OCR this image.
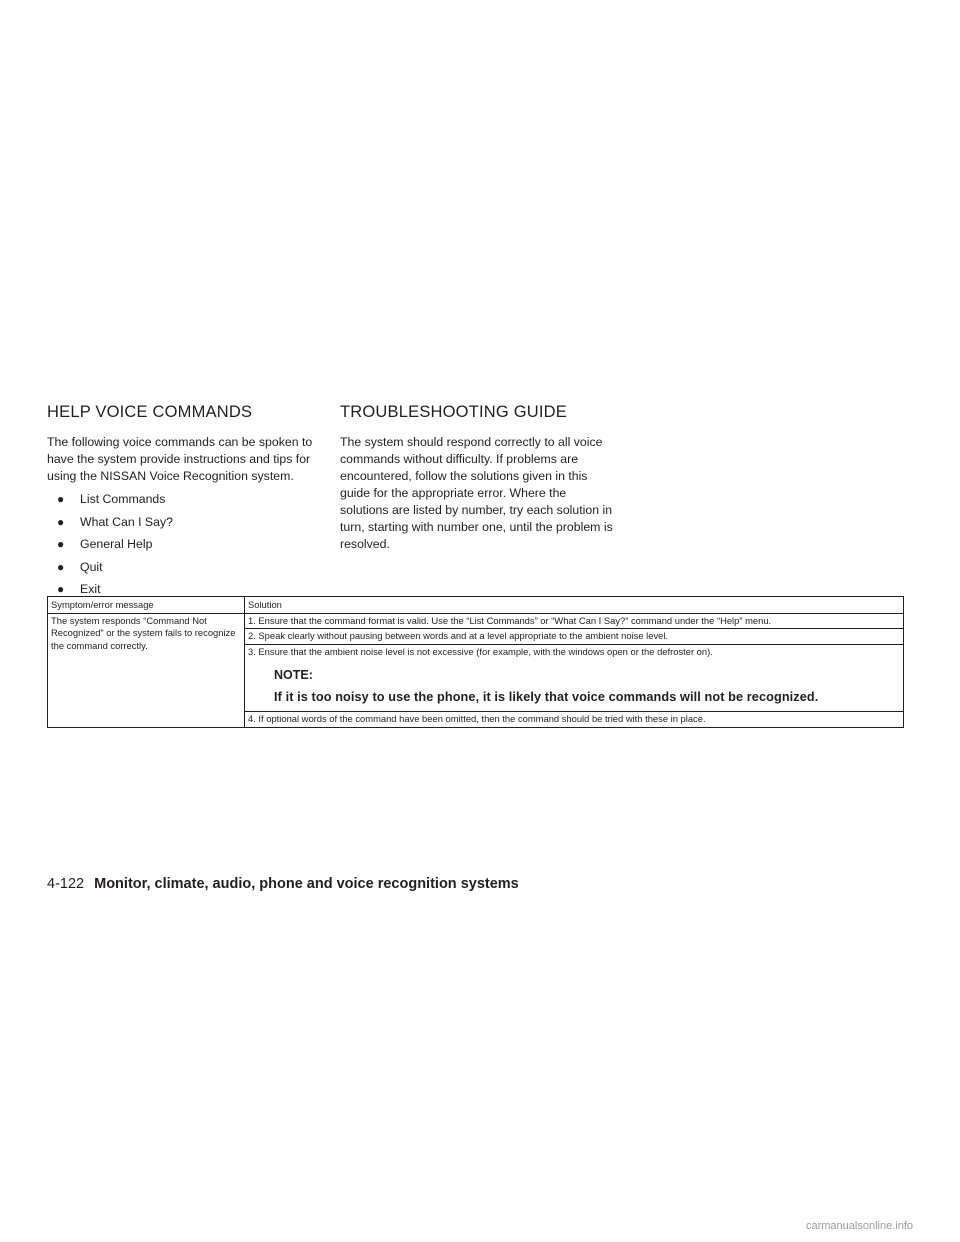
HELP VOICE COMMANDS

The following voice commands can be spoken to have the system provide instructions and tips for using the NISSAN Voice Recognition system.

●	List Commands
●	What Can I Say?
●	General Help
●	Quit
●	Exit
TROUBLESHOOTING GUIDE

The system should respond correctly to all voice commands without difficulty. If problems are encountered, follow the solutions given in this guide for the appropriate error. Where the solutions are listed by number, try each solution in turn, starting with number one, until the problem is resolved.

Symptom/error message	Solution
The system responds “Command Not Recognized” or the system fails to recognize the command correctly.	1. Ensure that the command format is valid. Use the “List Commands” or “What Can I Say?” command under the “Help” menu.
	2. Speak clearly without pausing between words and at a level appropriate to the ambient noise level.

	3. Ensure that the ambient noise level is not excessive (for example, with the windows open or the defroster on).
NOTE:
If it is too noisy to use the phone, it is likely that voice commands will not be recognized.

	4. If optional words of the command have been omitted, then the command should be tried with these in place.
4-122 Monitor, climate, audio, phone and voice recognition systems
carmanualsonline.info
